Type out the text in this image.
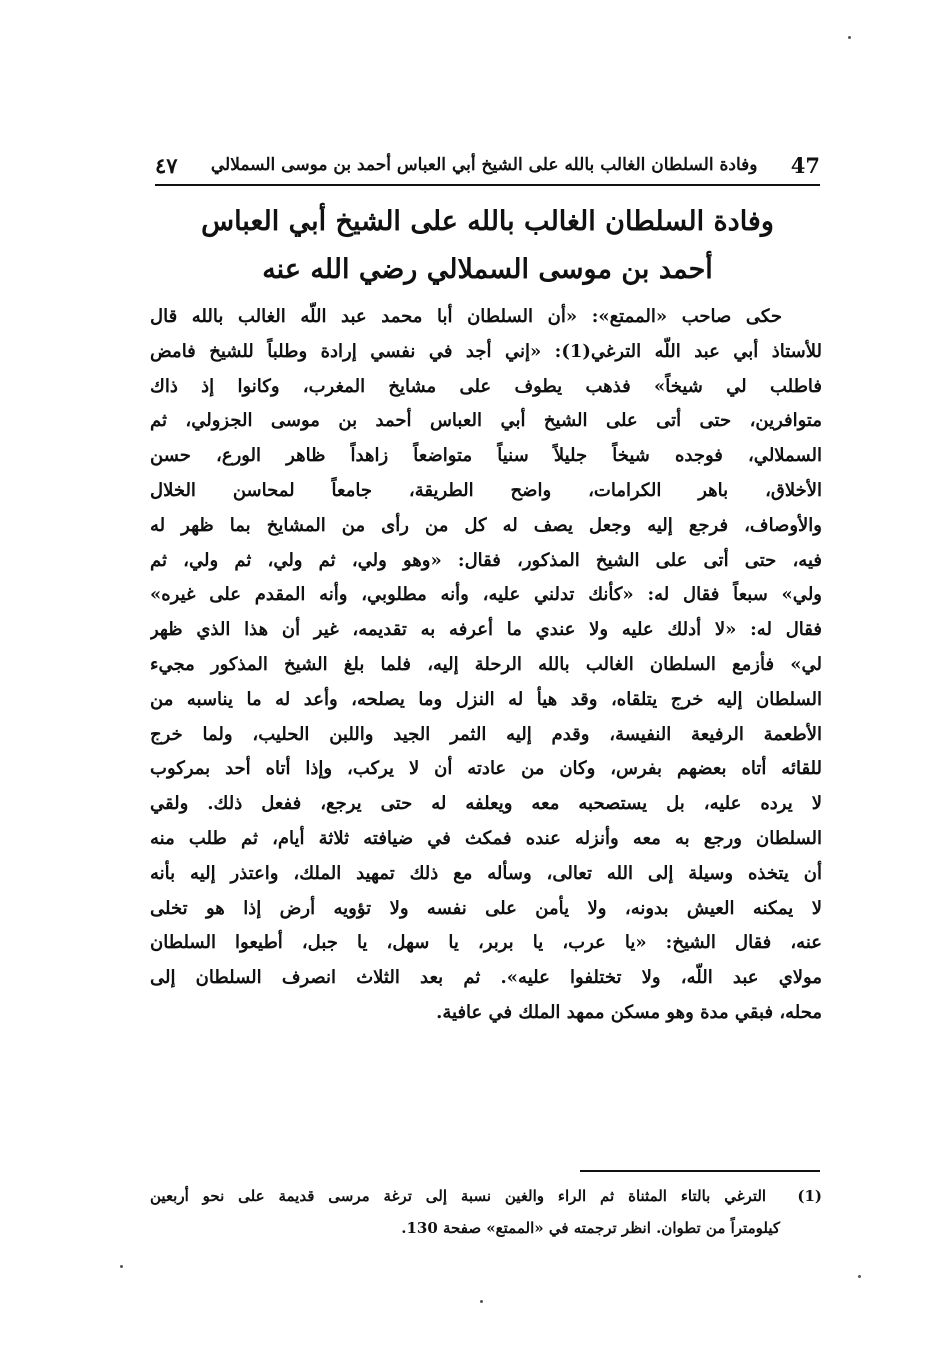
47
وفادة السلطان الغالب بالله على الشيخ أبي العباس أحمد بن موسى السملالي
٤٧
وفادة السلطان الغالب بالله على الشيخ أبي العباس
أحمد بن موسى السملالي رضي الله عنه
حكى صاحب «الممتع»: «أن السلطان أبا محمد عبد اللّه الغالب بالله قال
للأستاذ أبي عبد اللّه الترغي(1): «إني أجد في نفسي إرادة وطلباً للشيخ فامض
فاطلب لي شيخاً» فذهب يطوف على مشايخ المغرب، وكانوا إذ ذاك
متوافرين، حتى أتى على الشيخ أبي العباس أحمد بن موسى الجزولي، ثم
السملالي، فوجده شيخاً جليلاً سنياً متواضعاً زاهداً ظاهر الورع، حسن
الأخلاق، باهر الكرامات، واضح الطريقة، جامعاً لمحاسن الخلال
والأوصاف، فرجع إليه وجعل يصف له كل من رأى من المشايخ بما ظهر له
فيه، حتى أتى على الشيخ المذكور، فقال: «وهو ولي، ثم ولي، ثم ولي، ثم
ولي» سبعاً فقال له: «كأنك تدلني عليه، وأنه مطلوبي، وأنه المقدم على غيره»
فقال له: «لا أدلك عليه ولا عندي ما أعرفه به تقديمه، غير أن هذا الذي ظهر
لي» فأزمع السلطان الغالب بالله الرحلة إليه، فلما بلغ الشيخ المذكور مجيء
السلطان إليه خرج يتلقاه، وقد هيأ له النزل وما يصلحه، وأعد له ما يناسبه من
الأطعمة الرفيعة النفيسة، وقدم إليه الثمر الجيد واللبن الحليب، ولما خرج
للقائه أتاه بعضهم بفرس، وكان من عادته أن لا يركب، وإذا أتاه أحد بمركوب
لا يرده عليه، بل يستصحبه معه ويعلفه له حتى يرجع، ففعل ذلك. ولقي
السلطان ورجع به معه وأنزله عنده فمكث في ضيافته ثلاثة أيام، ثم طلب منه
أن يتخذه وسيلة إلى الله تعالى، وسأله مع ذلك تمهيد الملك، واعتذر إليه بأنه
لا يمكنه العيش بدونه، ولا يأمن على نفسه ولا تؤويه أرض إذا هو تخلى
عنه، فقال الشيخ: «يا عرب، يا بربر، يا سهل، يا جبل، أطيعوا السلطان
مولاي عبد اللّه، ولا تختلفوا عليه». ثم بعد الثلاث انصرف السلطان إلى
محله، فبقي مدة وهو مسكن ممهد الملك في عافية.
(1) الترغي بالتاء المثناة ثم الراء والغين نسبة إلى ترغة مرسى قديمة على نحو أربعين
كيلومتراً من تطوان. انظر ترجمته في «الممتع» صفحة 130.
